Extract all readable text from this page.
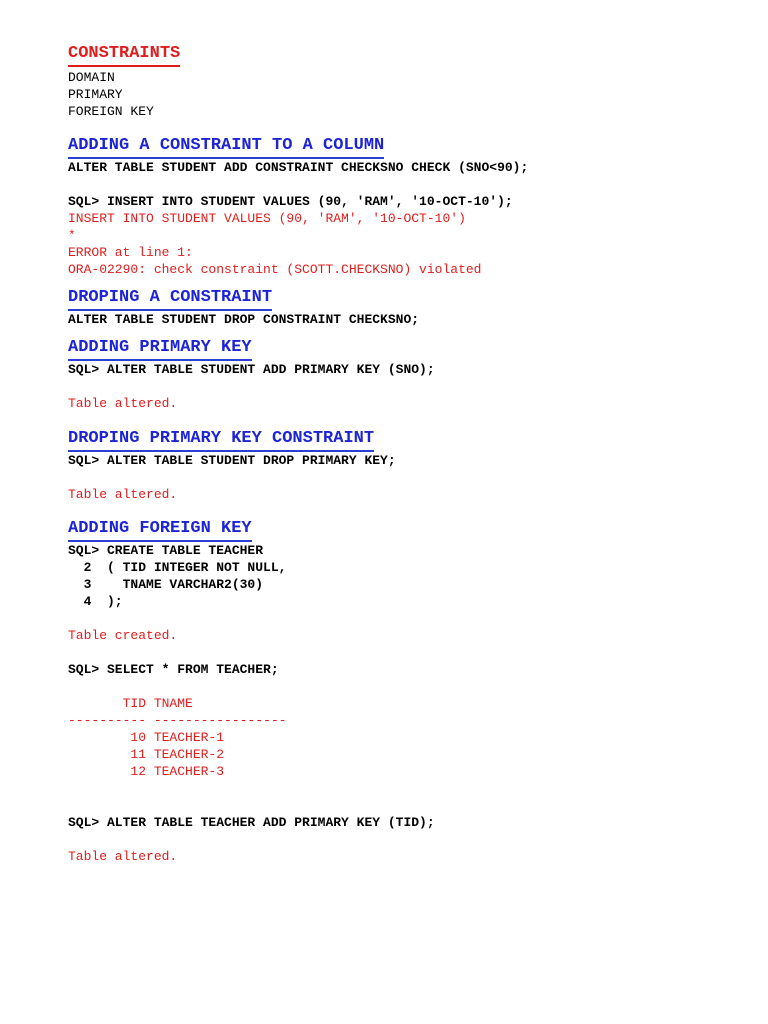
CONSTRAINTS
DOMAIN
PRIMARY
FOREIGN KEY
ADDING A CONSTRAINT TO A COLUMN
ALTER TABLE STUDENT ADD CONSTRAINT CHECKSNO CHECK (SNO<90);
SQL> INSERT INTO STUDENT VALUES (90, 'RAM', '10-OCT-10');
INSERT INTO STUDENT VALUES (90, 'RAM', '10-OCT-10')
*
ERROR at line 1:
ORA-02290: check constraint (SCOTT.CHECKSNO) violated
DROPING A CONSTRAINT
ALTER TABLE STUDENT DROP CONSTRAINT CHECKSNO;
ADDING PRIMARY KEY
SQL> ALTER TABLE STUDENT ADD PRIMARY KEY (SNO);
Table altered.
DROPING PRIMARY KEY CONSTRAINT
SQL> ALTER TABLE STUDENT DROP PRIMARY KEY;
Table altered.
ADDING FOREIGN KEY
SQL> CREATE TABLE TEACHER
2  ( TID INTEGER NOT NULL,
3    TNAME VARCHAR2(30)
4  );
Table created.
SQL> SELECT * FROM TEACHER;
TID TNAME
---------- -----------------
10 TEACHER-1
11 TEACHER-2
12 TEACHER-3
SQL> ALTER TABLE TEACHER ADD PRIMARY KEY (TID);
Table altered.
